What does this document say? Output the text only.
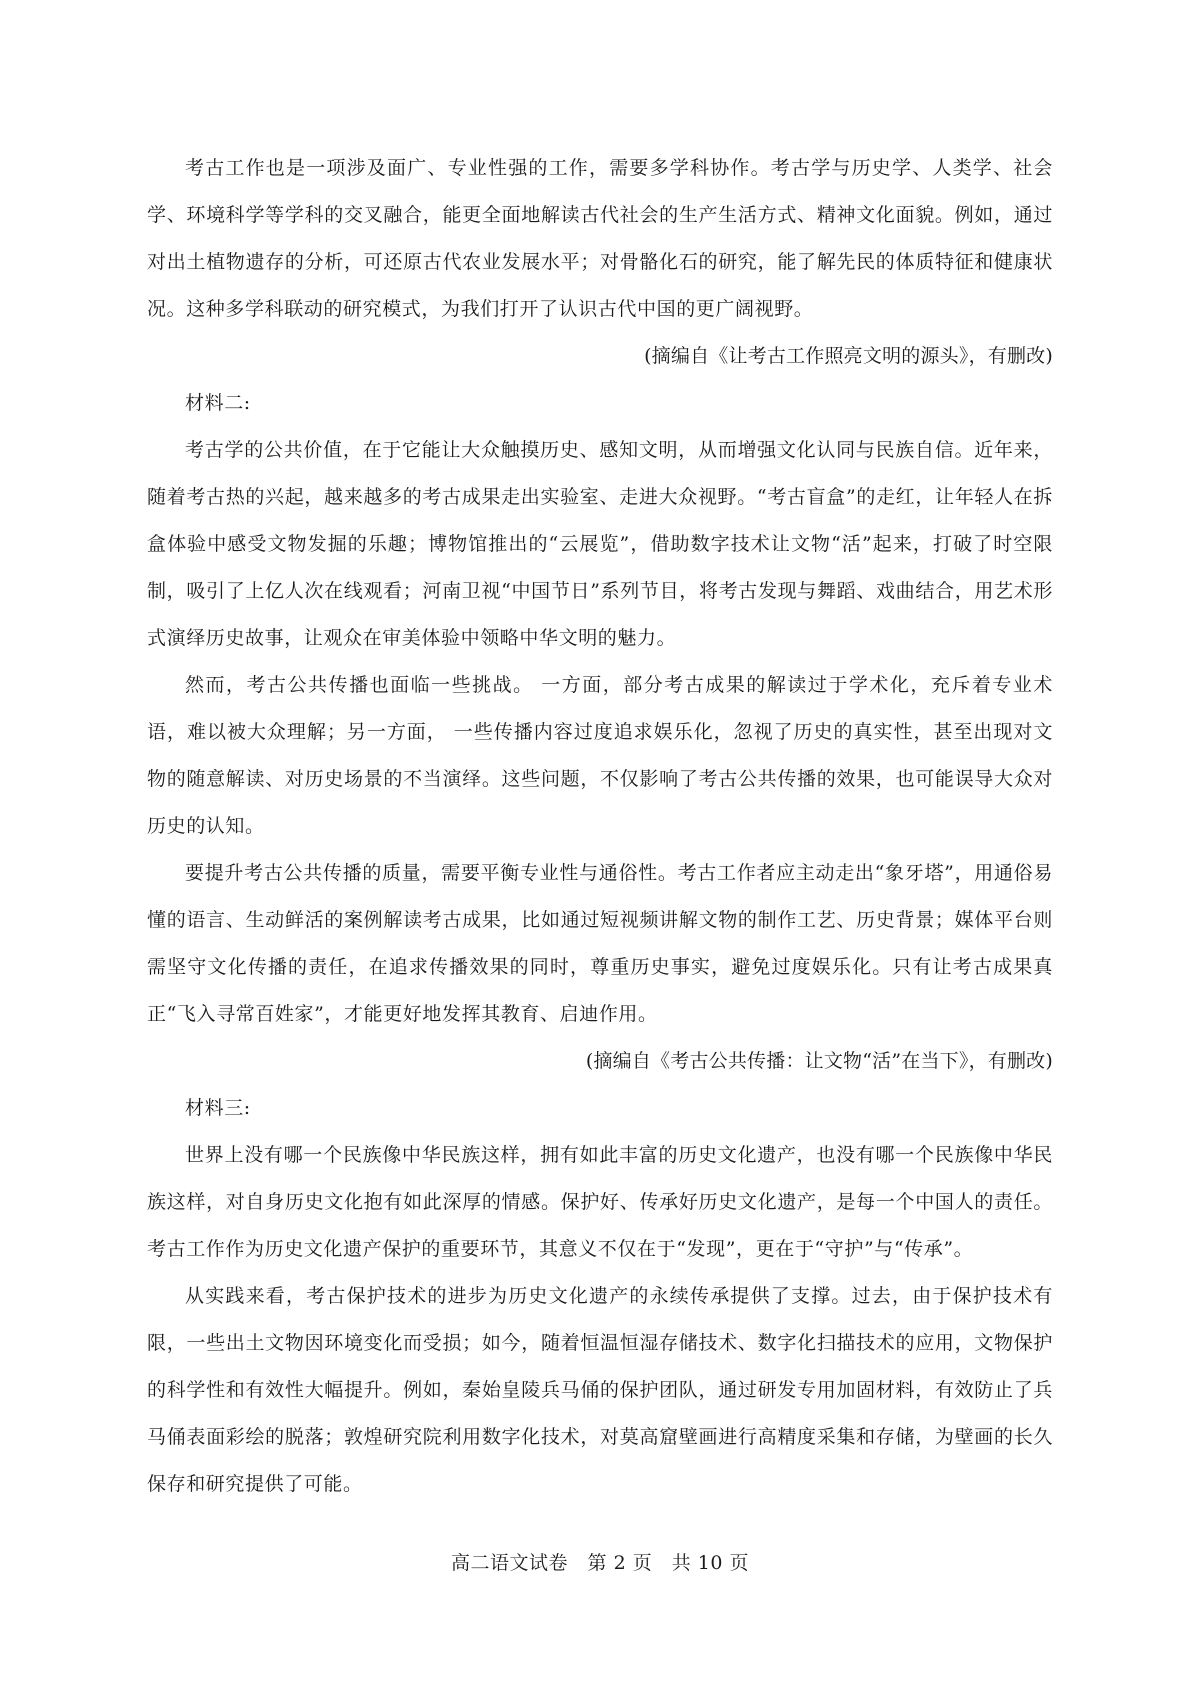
考古工作也是一项涉及面广、专业性强的工作，需要多学科协作。考古学与历史学、人类学、社会学、环境科学等学科的交叉融合，能更全面地解读古代社会的生产生活方式、精神文化面貌。例如，通过对出土植物遗存的分析，可还原古代农业发展水平；对骨骼化石的研究，能了解先民的体质特征和健康状况。这种多学科联动的研究模式，为我们打开了认识古代中国的更广阔视野。

(摘编自《让考古工作照亮文明的源头》，有删改)

材料二:

考古学的公共价值，在于它能让大众触摸历史、感知文明，从而增强文化认同与民族自信。近年来，随着考古热的兴起，越来越多的考古成果走出实验室、走进大众视野。“考古盲盒”的走红，让年轻人在拆盒体验中感受文物发掘的乐趣；博物馆推出的“云展览”，借助数字技术让文物“活”起来，打破了时空限制，吸引了上亿人次在线观看；河南卫视“中国节日”系列节目，将考古发现与舞蹈、戏曲结合，用艺术形式演绎历史故事，让观众在审美体验中领略中华文明的魅力。

然而，考古公共传播也面临一些挑战。 一方面，部分考古成果的解读过于学术化，充斥着专业术语，难以被大众理解；另一方面， 一些传播内容过度追求娱乐化，忽视了历史的真实性，甚至出现对文物的随意解读、对历史场景的不当演绎。这些问题，不仅影响了考古公共传播的效果，也可能误导大众对历史的认知。

要提升考古公共传播的质量，需要平衡专业性与通俗性。考古工作者应主动走出“象牙塔”，用通俗易懂的语言、生动鲜活的案例解读考古成果，比如通过短视频讲解文物的制作工艺、历史背景；媒体平台则需坚守文化传播的责任，在追求传播效果的同时，尊重历史事实，避免过度娱乐化。只有让考古成果真正“飞入寻常百姓家”，才能更好地发挥其教育、启迪作用。

(摘编自《考古公共传播：让文物“活”在当下》，有删改)

材料三:

世界上没有哪一个民族像中华民族这样，拥有如此丰富的历史文化遗产，也没有哪一个民族像中华民族这样，对自身历史文化抱有如此深厚的情感。保护好、传承好历史文化遗产，是每一个中国人的责任。考古工作作为历史文化遗产保护的重要环节，其意义不仅在于“发现”，更在于“守护”与“传承”。

从实践来看，考古保护技术的进步为历史文化遗产的永续传承提供了支撑。过去，由于保护技术有限，一些出土文物因环境变化而受损；如今，随着恒温恒湿存储技术、数字化扫描技术的应用，文物保护的科学性和有效性大幅提升。例如，秦始皇陵兵马俑的保护团队，通过研发专用加固材料，有效防止了兵马俑表面彩绘的脱落；敦煌研究院利用数字化技术，对莫高窟壁画进行高精度采集和存储，为壁画的长久保存和研究提供了可能。

高二语文试卷　第 2 页　共 10 页
